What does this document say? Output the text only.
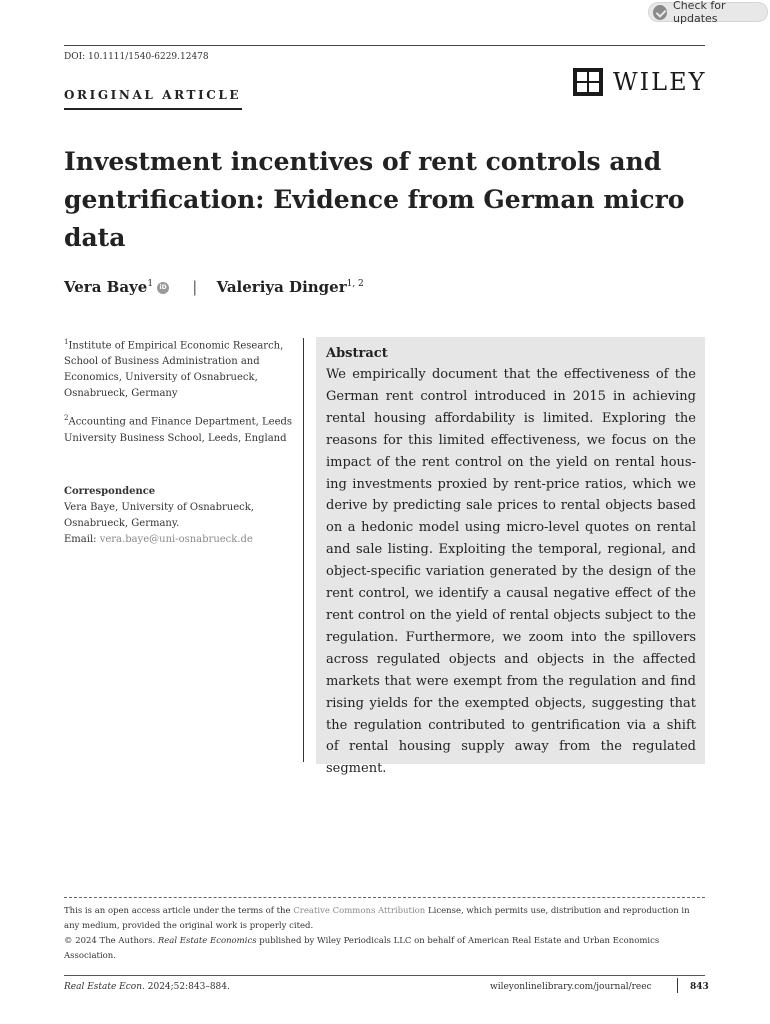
Check for updates
DOI: 10.1111/1540-6229.12478
ORIGINAL ARTICLE	WILEY
Investment incentives of rent controls and gentrification: Evidence from German micro data
Vera Baye$^1$ iD | Valeriya Dinger$^{1, 2}$

$^1$Institute of Empirical Economic Research, School of Business Administration and Economics, University of Osnabrueck, Osnabrueck, Germany

$^2$Accounting and Finance Department, Leeds University Business School, Leeds, England

Correspondence
Vera Baye, University of Osnabrueck,
Osnabrueck, Germany.
Email: vera.baye@uni-osnabrueck.de
Abstract

We empirically document that the effectiveness of the German rent control introduced in 2015 in achieving rental housing affordability is limited. Exploring the reasons for this limited effectiveness, we focus on the impact of the rent control on the yield on rental housing investments proxied by rent-price ratios, which we derive by predicting sale prices to rental objects based on a hedonic model using micro-level quotes on rental and sale listing. Exploiting the temporal, regional, and object-specific variation generated by the design of the rent control, we identify a causal negative effect of the rent control on the yield of rental objects subject to the regulation. Furthermore, we zoom into the spillovers across regulated objects and objects in the affected markets that were exempt from the regulation and find rising yields for the exempted objects, suggesting that the regulation contributed to gentrification via a shift of rental housing supply away from the regulated segment.

This is an open access article under the terms of the Creative Commons Attribution License, which permits use, distribution and reproduction in any medium, provided the original work is properly cited.

© 2024 The Authors. Real Estate Economics published by Wiley Periodicals LLC on behalf of American Real Estate and Urban Economics Association.

Real Estate Econ. 2024;52:843–884.	wileyonlinelibrary.com/journal/reec	843
